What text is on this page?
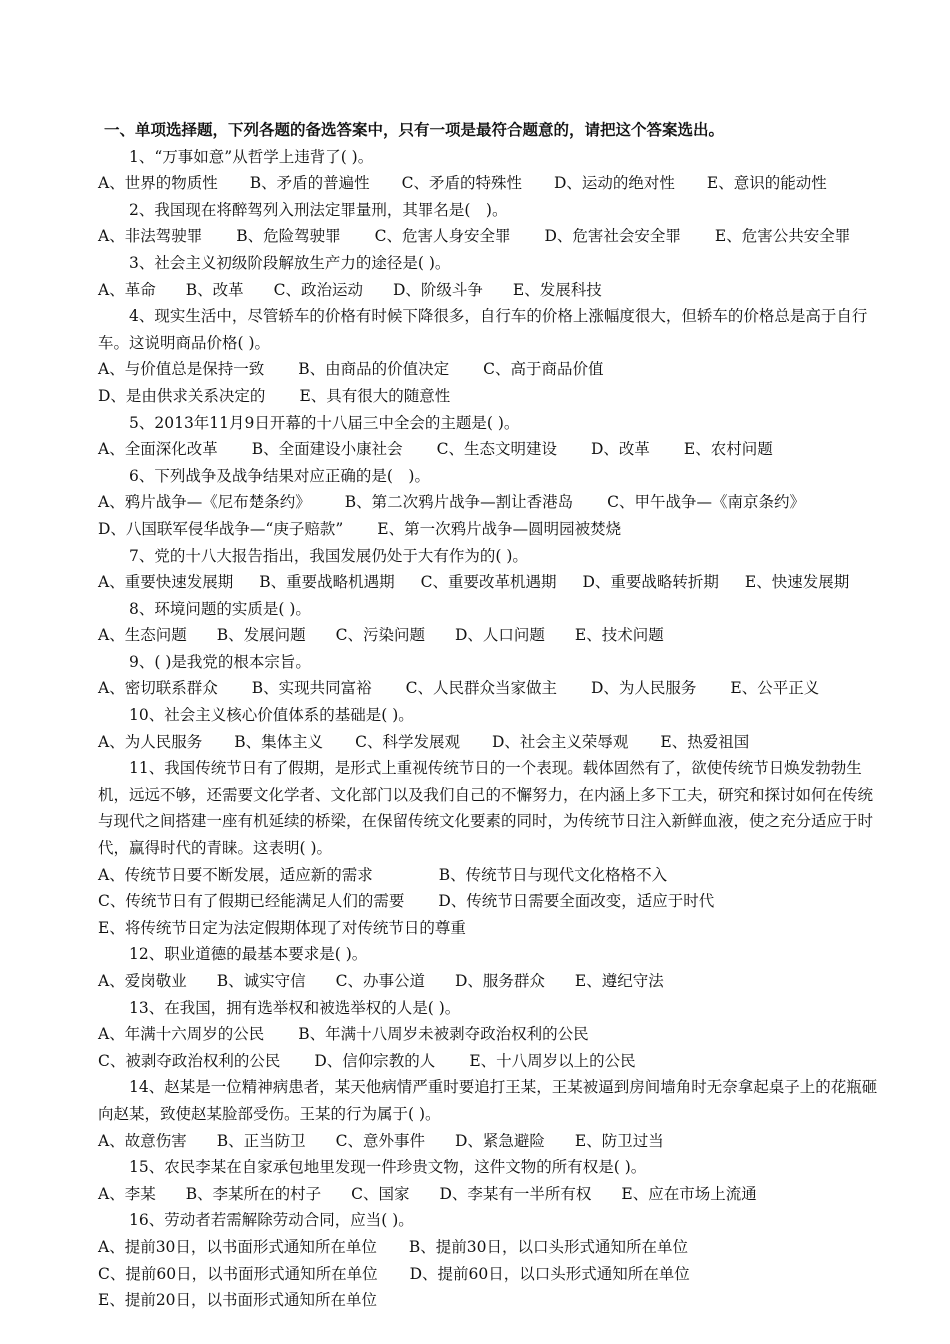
一、单项选择题，下列各题的备选答案中，只有一项是最符合题意的，请把这个答案选出。

1、“万事如意”从哲学上违背了( )。

A、世界的物质性 B、矛盾的普遍性 C、矛盾的特殊性 D、运动的绝对性 E、意识的能动性

2、我国现在将醉驾列入刑法定罪量刑，其罪名是(　)。

A、非法驾驶罪 B、危险驾驶罪 C、危害人身安全罪 D、危害社会安全罪 E、危害公共安全罪

3、社会主义初级阶段解放生产力的途径是( )。

A、革命 B、改革 C、政治运动 D、阶级斗争 E、发展科技

4、现实生活中，尽管轿车的价格有时候下降很多，自行车的价格上涨幅度很大，但轿车的价格总是高于自行车。这说明商品价格( )。

A、与价值总是保持一致 B、由商品的价值决定 C、高于商品价值
D、是由供求关系决定的 E、具有很大的随意性

5、2013年11月9日开幕的十八届三中全会的主题是( )。

A、全面深化改革 B、全面建设小康社会 C、生态文明建设 D、改革 E、农村问题

6、下列战争及战争结果对应正确的是(　)。

A、鸦片战争—《尼布楚条约》 B、第二次鸦片战争—割让香港岛 C、甲午战争—《南京条约》
D、八国联军侵华战争—“庚子赔款” E、第一次鸦片战争—圆明园被焚烧

7、党的十八大报告指出，我国发展仍处于大有作为的( )。

A、重要快速发展期 B、重要战略机遇期 C、重要改革机遇期 D、重要战略转折期 E、快速发展期

8、环境问题的实质是( )。

A、生态问题 B、发展问题 C、污染问题 D、人口问题 E、技术问题

9、( )是我党的根本宗旨。

A、密切联系群众 B、实现共同富裕 C、人民群众当家做主 D、为人民服务 E、公平正义

10、社会主义核心价值体系的基础是( )。

A、为人民服务 B、集体主义 C、科学发展观 D、社会主义荣辱观 E、热爱祖国

11、我国传统节日有了假期，是形式上重视传统节日的一个表现。载体固然有了，欲使传统节日焕发勃勃生机，远远不够，还需要文化学者、文化部门以及我们自己的不懈努力，在内涵上多下工夫，研究和探讨如何在传统与现代之间搭建一座有机延续的桥梁，在保留传统文化要素的同时，为传统节日注入新鲜血液，使之充分适应于时代，赢得时代的青睐。这表明( )。

A、传统节日要不断发展，适应新的需求	B、传统节日与现代文化格格不入
C、传统节日有了假期已经能满足人们的需要 D、传统节日需要全面改变，适应于时代
E、将传统节日定为法定假期体现了对传统节日的尊重

12、职业道德的最基本要求是( )。

A、爱岗敬业 B、诚实守信 C、办事公道 D、服务群众 E、遵纪守法

13、在我国，拥有选举权和被选举权的人是( )。

A、年满十六周岁的公民 B、年满十八周岁未被剥夺政治权利的公民
C、被剥夺政治权利的公民 D、信仰宗教的人 E、十八周岁以上的公民

14、赵某是一位精神病患者，某天他病情严重时要追打王某，王某被逼到房间墙角时无奈拿起桌子上的花瓶砸向赵某，致使赵某脸部受伤。王某的行为属于( )。

A、故意伤害 B、正当防卫 C、意外事件 D、紧急避险 E、防卫过当

15、农民李某在自家承包地里发现一件珍贵文物，这件文物的所有权是( )。

A、李某 B、李某所在的村子 C、国家 D、李某有一半所有权 E、应在市场上流通

16、劳动者若需解除劳动合同，应当( )。

A、提前30日，以书面形式通知所在单位 B、提前30日，以口头形式通知所在单位
C、提前60日，以书面形式通知所在单位 D、提前60日，以口头形式通知所在单位
E、提前20日，以书面形式通知所在单位
